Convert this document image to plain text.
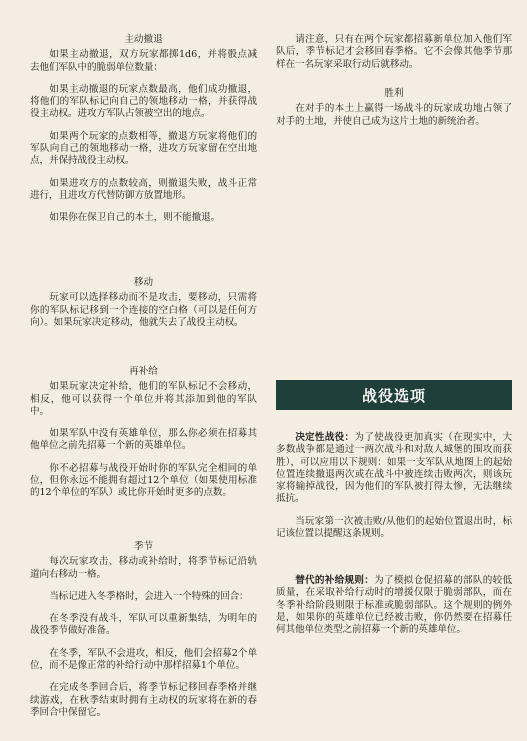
主动撤退

如果主动撤退，双方玩家都掷1d6，并将骰点减去他们军队中的脆弱单位数量：

如果主动撤退的玩家点数最高，他们成功撤退，将他们的军队标记向自己的领地移动一格，并获得战役主动权。进攻方军队占领被空出的地点。

如果两个玩家的点数相等，撤退方玩家将他们的军队向自己的领地移动一格，进攻方玩家留在空出地点，并保持战役主动权。

如果进攻方的点数较高，则撤退失败，战斗正常进行，且进攻方代替防御方放置地形。

如果你在保卫自己的本土，则不能撤退。

移动

玩家可以选择移动而不是攻击，要移动，只需将你的军队标记移到一个连接的空白格（可以是任何方向）。如果玩家决定移动，他就失去了战役主动权。

再补给

如果玩家决定补给，他们的军队标记不会移动，相反，他可以获得一个单位并将其添加到他的军队中。

如果军队中没有英雄单位，那么你必须在招募其他单位之前先招募一个新的英雄单位。

你不必招募与战役开始时你的军队完全相同的单位，但你永远不能拥有超过12个单位（如果使用标准的12个单位的军队）或比你开始时更多的点数。

季节

每次玩家攻击、移动或补给时，将季节标记沿轨道向右移动一格。

当标记进入冬季格时，会进入一个特殊的回合：

在冬季没有战斗，军队可以重新集结，为明年的战役季节做好准备。

在冬季，军队不会进攻，相反，他们会招募2个单位，而不是像正常的补给行动中那样招募1个单位。

在完成冬季回合后，将季节标记移回春季格并继续游戏，在秋季结束时拥有主动权的玩家将在新的春季回合中保留它。

请注意，只有在两个玩家都招募新单位加入他们军队后，季节标记才会移回春季格。它不会像其他季节那样在一名玩家采取行动后就移动。

胜利

在对手的本土上赢得一场战斗的玩家成功地占领了对手的土地，并使自己成为这片土地的新统治者。

战役选项

决定性战役：为了使战役更加真实（在现实中，大多数战争都是通过一两次战斗和对敌人城堡的围攻而获胜），可以应用以下规则：如果一支军队从地图上的起始位置连续撤退两次或在战斗中被连续击败两次，则该玩家将输掉战役，因为他们的军队被打得太惨，无法继续抵抗。

当玩家第一次被击败/从他们的起始位置退出时，标记该位置以提醒这条规则。

替代的补给规则：为了模拟仓促招募的部队的较低质量，在采取补给行动时的增援仅限于脆弱部队，而在冬季补给阶段则限于标准或脆弱部队。这个规则的例外是，如果你的英雄单位已经被击败，你仍然要在招募任何其他单位类型之前招募一个新的英雄单位。
